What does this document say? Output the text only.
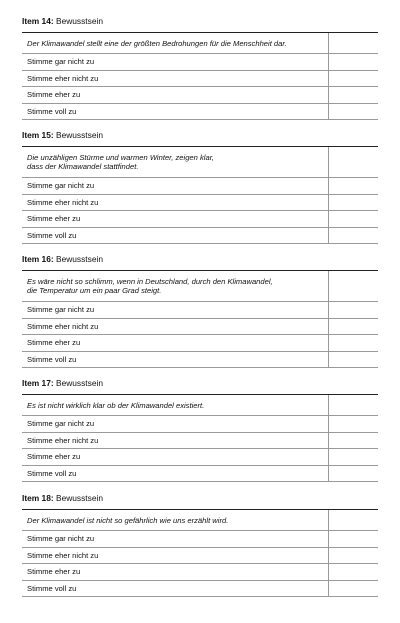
Item 14: Bewusstsein
Der Klimawandel stellt eine der größten Bedrohungen für die Menschheit dar.	
Stimme gar nicht zu	
Stimme eher nicht zu	
Stimme eher zu	
Stimme voll zu	
Item 15: Bewusstsein
Die unzähligen Stürme und warmen Winter, zeigen klar,
dass der Klimawandel stattfindet.	
Stimme gar nicht zu	
Stimme eher nicht zu	
Stimme eher zu	
Stimme voll zu	
Item 16: Bewusstsein
Es wäre nicht so schlimm, wenn in Deutschland, durch den Klimawandel,
die Temperatur um ein paar Grad steigt.	
Stimme gar nicht zu	
Stimme eher nicht zu	
Stimme eher zu	
Stimme voll zu	
Item 17: Bewusstsein
Es ist nicht wirklich klar ob der Klimawandel existiert.	
Stimme gar nicht zu	
Stimme eher nicht zu	
Stimme eher zu	
Stimme voll zu	
Item 18: Bewusstsein
Der Klimawandel ist nicht so gefährlich wie uns erzählt wird.	
Stimme gar nicht zu	
Stimme eher nicht zu	
Stimme eher zu	
Stimme voll zu	
